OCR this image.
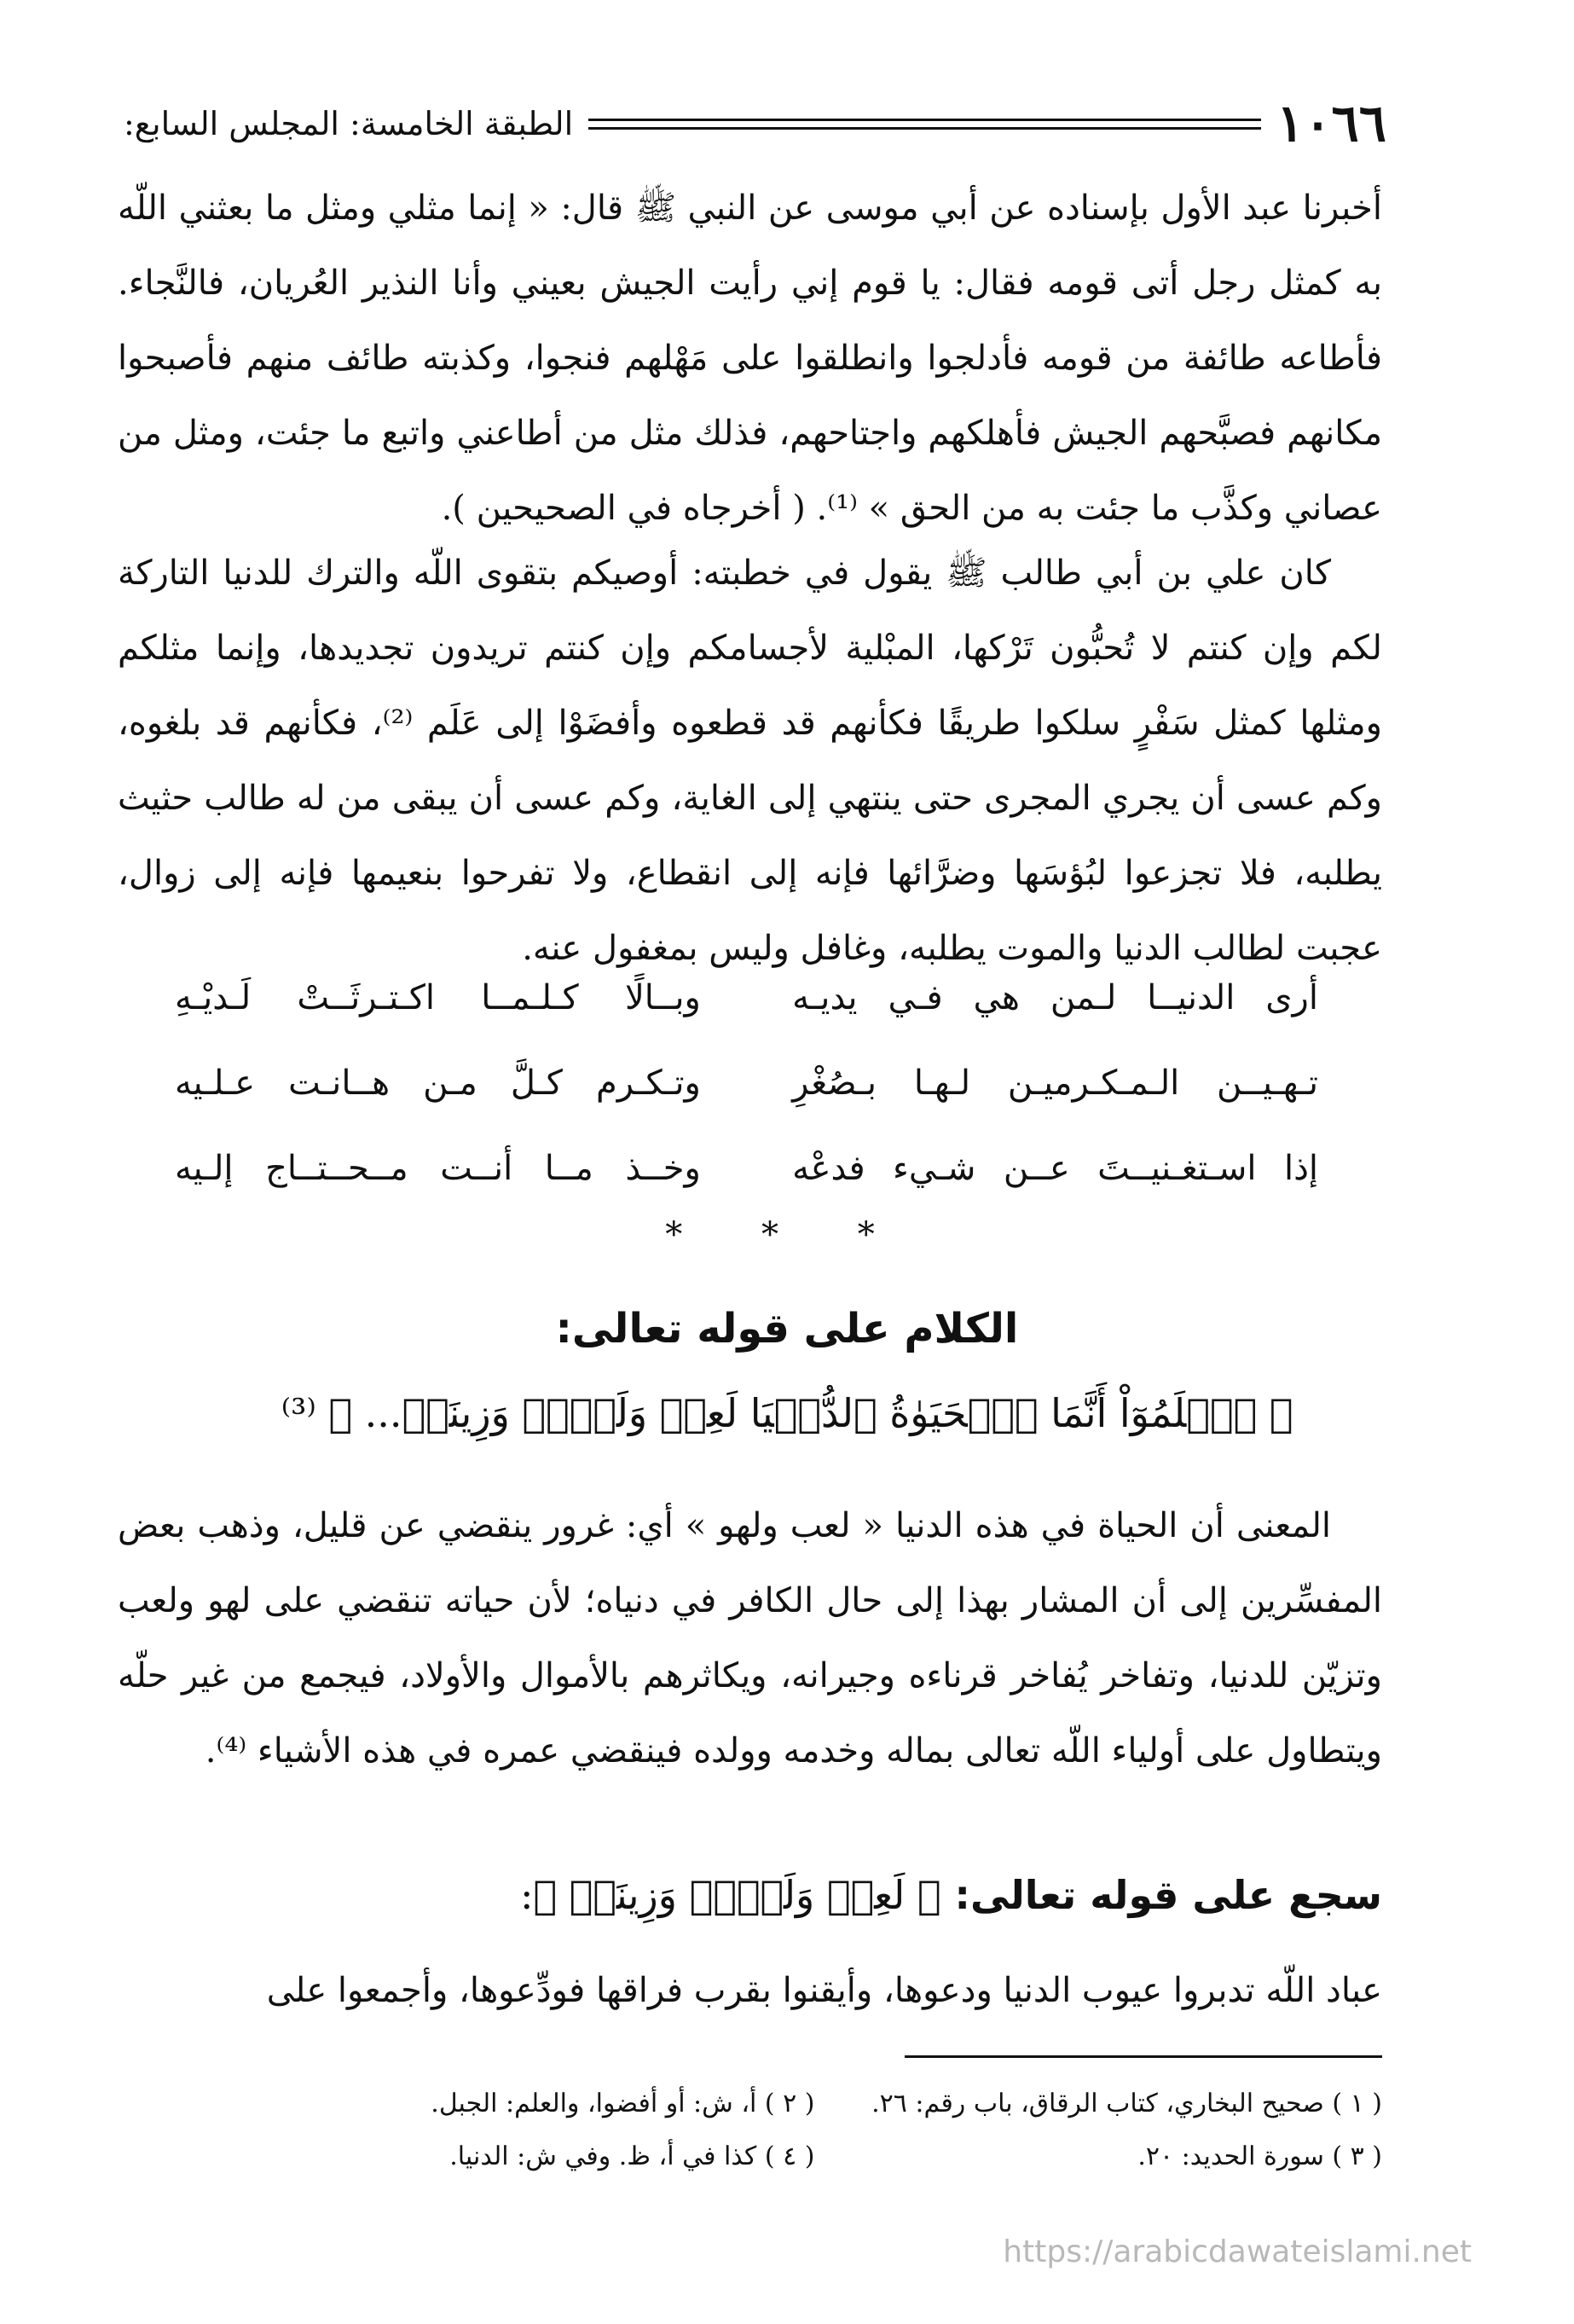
١٠٦٦
الطبقة الخامسة: المجلس السابع:

أخبرنا عبد الأول بإسناده عن أبي موسى عن النبي ﷺ قال: « إنما مثلي ومثل ما بعثني اللّه به كمثل رجل أتى قومه فقال: يا قوم إني رأيت الجيش بعيني وأنا النذير العُريان، فالنَّجاء. فأطاعه طائفة من قومه فأدلجوا وانطلقوا على مَهْلهم فنجوا، وكذبته طائف منهم فأصبحوا مكانهم فصبَّحهم الجيش فأهلكهم واجتاحهم، فذلك مثل من أطاعني واتبع ما جئت، ومثل من عصاني وكذَّب ما جئت به من الحق » ⁽¹⁾. ( أخرجاه في الصحيحين ).

كان علي بن أبي طالب ﷺ يقول في خطبته: أوصيكم بتقوى اللّه والترك للدنيا التاركة لكم وإن كنتم لا تُحبُّون تَرْكها، المبْلية لأجسامكم وإن كنتم تريدون تجديدها، وإنما مثلكم ومثلها كمثل سَفْرٍ سلكوا طريقًا فكأنهم قد قطعوه وأفضَوْا إلى عَلَم ⁽²⁾، فكأنهم قد بلغوه، وكم عسى أن يجري المجرى حتى ينتهي إلى الغاية، وكم عسى أن يبقى من له طالب حثيث يطلبه، فلا تجزعوا لبُؤسَها وضرَّائها فإنه إلى انقطاع، ولا تفرحوا بنعيمها فإنه إلى زوال، عجبت لطالب الدنيا والموت يطلبه، وغافل وليس بمغفول عنه.

أرى الدنيــا لـمن هي فـي يديـه
وبــالًا كـلـمــا اكـتـرثَــتْ لَـديْـهِ
تـهـيــن الـمـكـرميـن لـهـا بـصُغْرِ
وتـكـرم كـلَّ مـن هــانـت عـلـيه
إذا اسـتغـنيــتَ عــن شـيء فدعْه
وخــذ مــا أنــت مــحــتــاج إلـيه
* * *
الكلام على قوله تعالى:
﴿ ٱعۡلَمُوٓاْ أَنَّمَا ٱلۡحَيَوٰةُ ٱلدُّنۡيَا لَعِبٞ وَلَهۡوٞ وَزِينَةٞ... ﴾ ⁽³⁾

المعنى أن الحياة في هذه الدنيا « لعب ولهو » أي: غرور ينقضي عن قليل، وذهب بعض المفسِّرين إلى أن المشار بهذا إلى حال الكافر في دنياه؛ لأن حياته تنقضي على لهو ولعب وتزيّن للدنيا، وتفاخر يُفاخر قرناءه وجيرانه، ويكاثرهم بالأموال والأولاد، فيجمع من غير حلّه ويتطاول على أولياء اللّه تعالى بماله وخدمه وولده فينقضي عمره في هذه الأشياء ⁽⁴⁾.

سجع على قوله تعالى: ﴿ لَعِبٞ وَلَهۡوٞ وَزِينَةٞ ﴾:

عباد اللّه تدبروا عيوب الدنيا ودعوها، وأيقنوا بقرب فراقها فودِّعوها، وأجمعوا على

( ١ ) صحيح البخاري، كتاب الرقاق، باب رقم: ٢٦.
( ٢ ) أ، ش: أو أفضوا، والعلم: الجبل.
( ٣ ) سورة الحديد: ٢٠.
( ٤ ) كذا في أ، ظ. وفي ش: الدنيا.
https://arabicdawateislami.net
